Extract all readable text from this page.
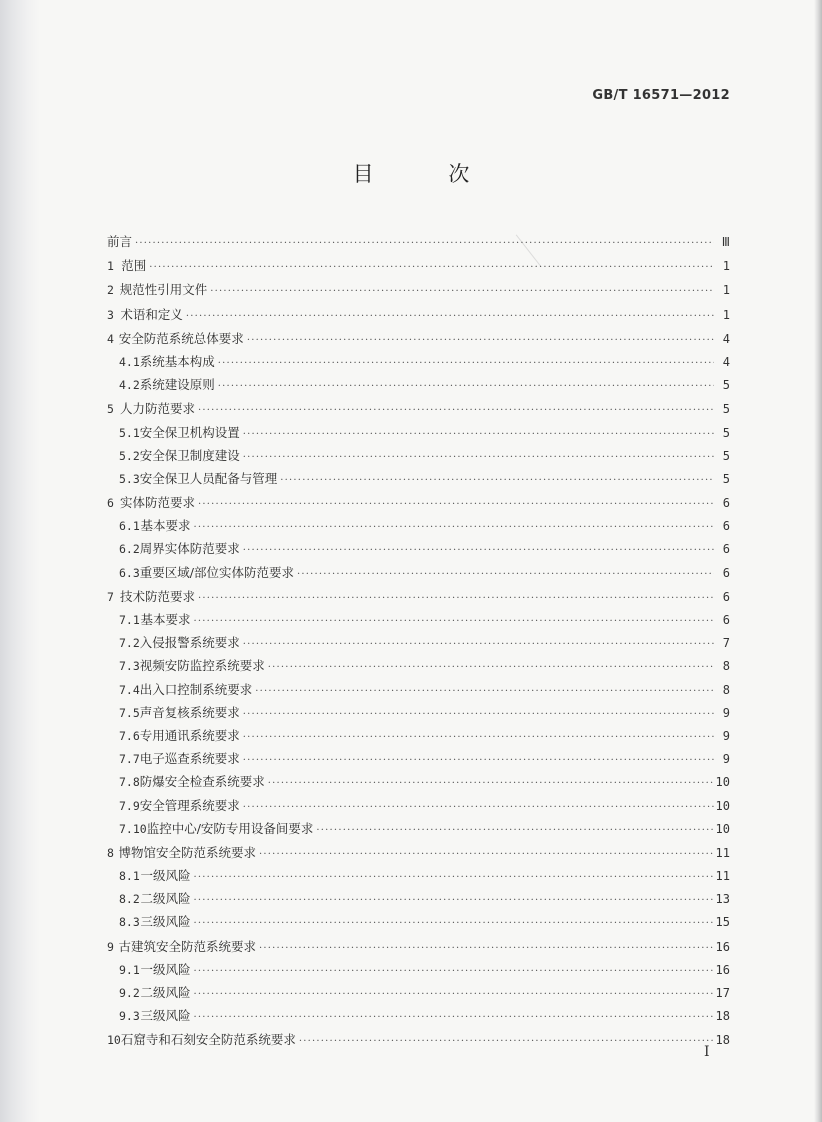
GB/T 16571—2012
目 次
前言 ·····	Ⅲ
1 范围 ·····	1
2 规范性引用文件 ·····	1
3 术语和定义 ·····	1
4 安全防范系统总体要求 ·····	4
4.1 系统基本构成 ·····	4
4.2 系统建设原则 ·····	5
5 人力防范要求 ·····	5
5.1 安全保卫机构设置 ·····	5
5.2 安全保卫制度建设 ·····	5
5.3 安全保卫人员配备与管理 ·····	5
6 实体防范要求 ·····	6
6.1 基本要求 ·····	6
6.2 周界实体防范要求 ·····	6
6.3 重要区域/部位实体防范要求 ·····	6
7 技术防范要求 ·····	6
7.1 基本要求 ·····	6
7.2 入侵报警系统要求 ·····	7
7.3 视频安防监控系统要求 ·····	8
7.4 出入口控制系统要求 ·····	8
7.5 声音复核系统要求 ·····	9
7.6 专用通讯系统要求 ·····	9
7.7 电子巡查系统要求 ·····	9
7.8 防爆安全检查系统要求 ·····	10
7.9 安全管理系统要求 ·····	10
7.10 监控中心/安防专用设备间要求 ·····	10
8 博物馆安全防范系统要求 ·····	11
8.1 一级风险 ·····	11
8.2 二级风险 ·····	13
8.3 三级风险 ·····	15
9 古建筑安全防范系统要求 ·····	16
9.1 一级风险 ·····	16
9.2 二级风险 ·····	17
9.3 三级风险 ·····	18
10 石窟寺和石刻安全防范系统要求 ·····	18
I
